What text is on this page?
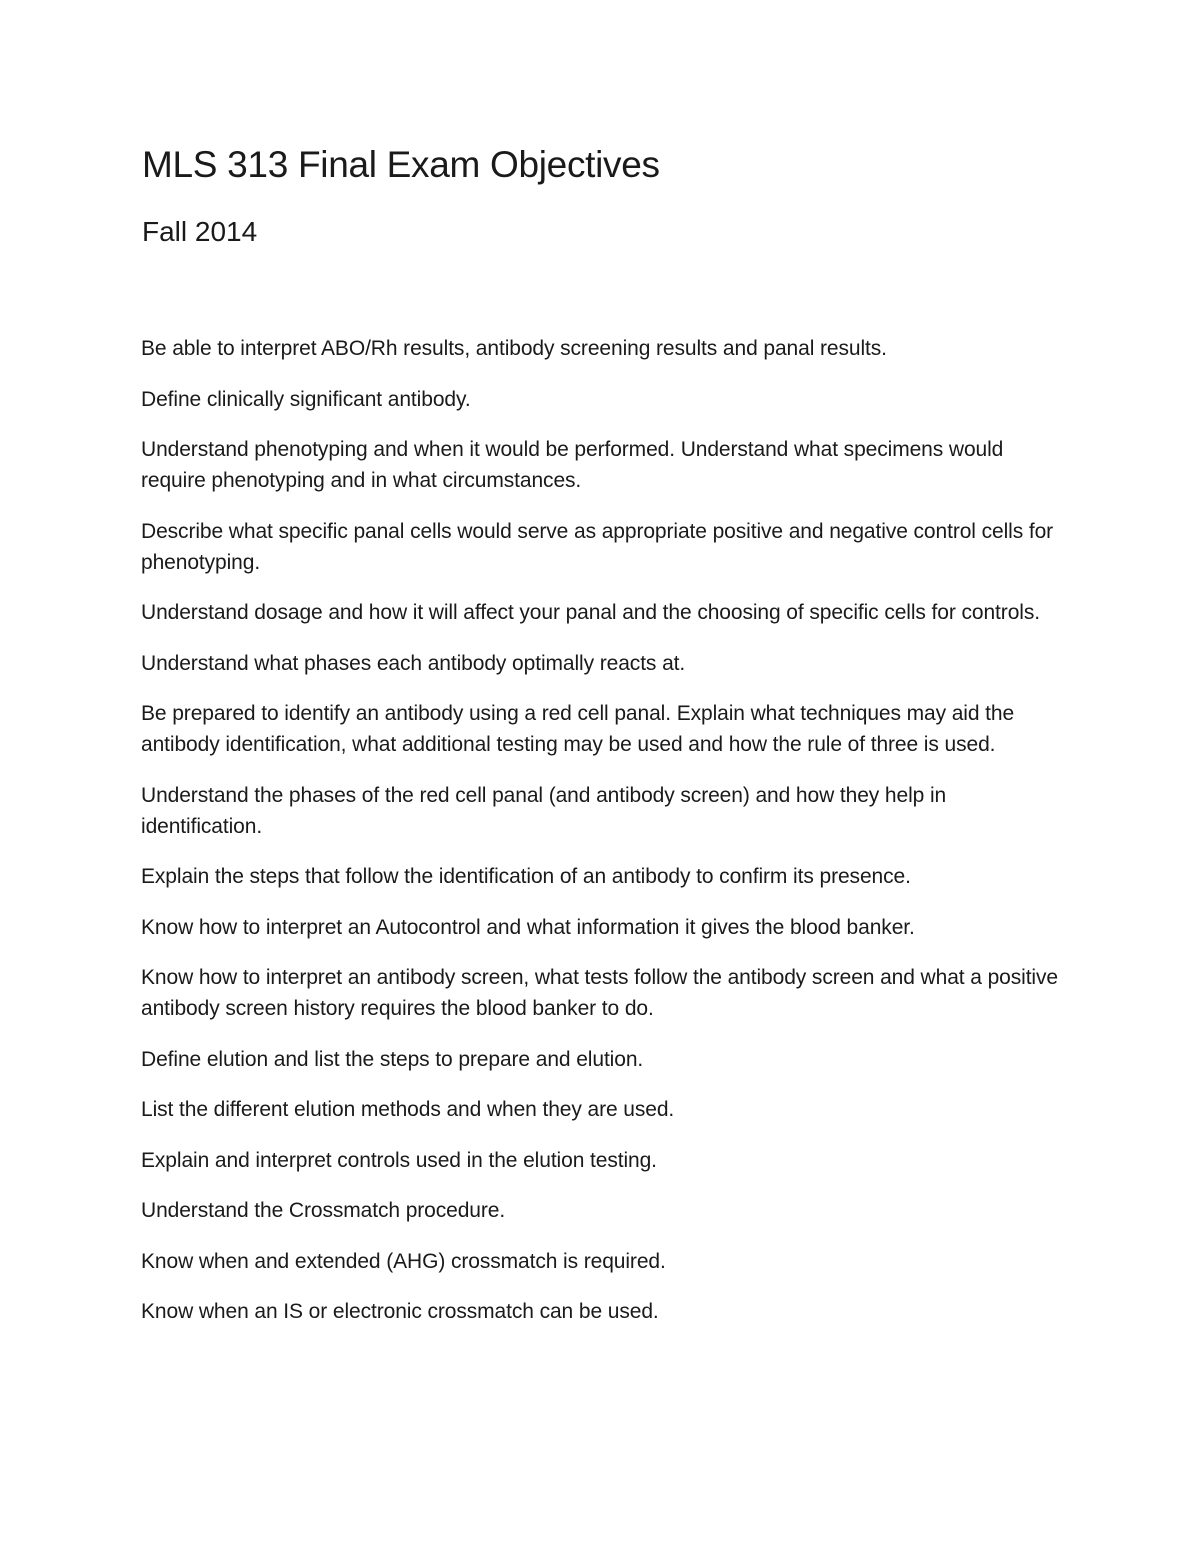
MLS 313 Final Exam Objectives
Fall 2014
Be able to interpret ABO/Rh results, antibody screening results and panal results.
Define clinically significant antibody.
Understand phenotyping and when it would be performed. Understand what specimens would require phenotyping and in what circumstances.
Describe what specific panal cells would serve as appropriate positive and negative control cells for phenotyping.
Understand dosage and how it will affect your panal and the choosing of specific cells for controls.
Understand what phases each antibody optimally reacts at.
Be prepared to identify an antibody using a red cell panal. Explain what techniques may aid the antibody identification, what additional testing may be used and how the rule of three is used.
Understand the phases of the red cell panal (and antibody screen) and how they help in identification.
Explain the steps that follow the identification of an antibody to confirm its presence.
Know how to interpret an Autocontrol and what information it gives the blood banker.
Know how to interpret an antibody screen, what tests follow the antibody screen and what a positive antibody screen history requires the blood banker to do.
Define elution and list the steps to prepare and elution.
List the different elution methods and when they are used.
Explain and interpret controls used in the elution testing.
Understand the Crossmatch procedure.
Know when and extended (AHG) crossmatch is required.
Know when an IS or electronic crossmatch can be used.
